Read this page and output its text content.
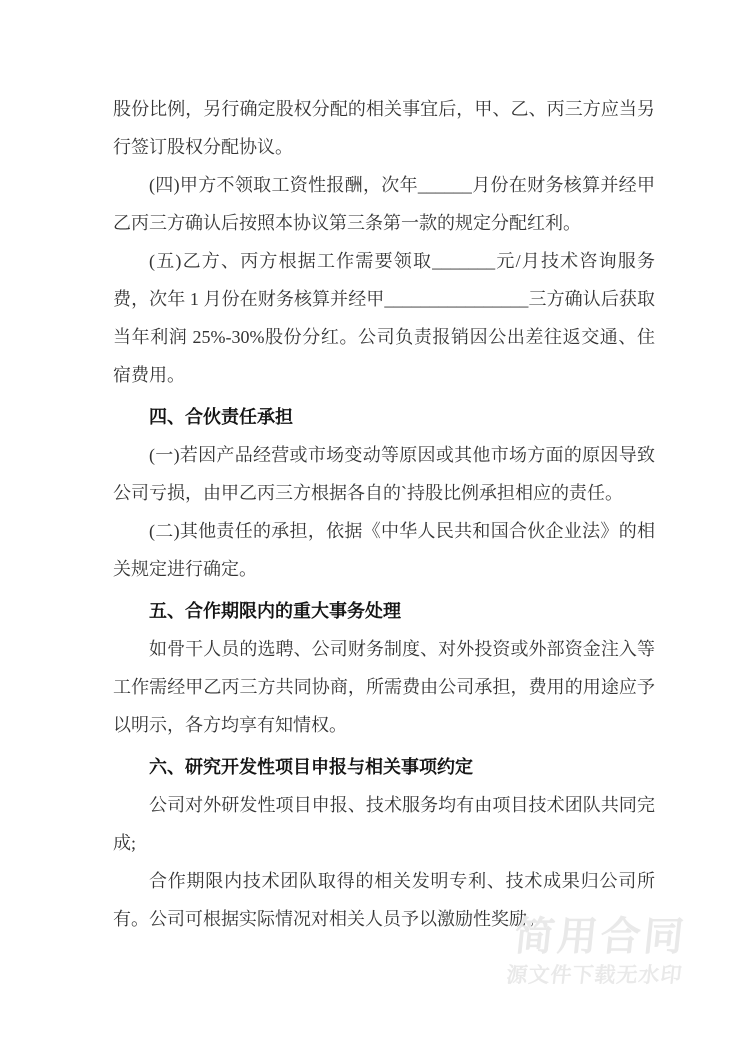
股份比例，另行确定股权分配的相关事宜后，甲、乙、丙三方应当另行签订股权分配协议。

(四)甲方不领取工资性报酬，次年______月份在财务核算并经甲乙丙三方确认后按照本协议第三条第一款的规定分配红利。

(五)乙方、丙方根据工作需要领取_______元/月技术咨询服务费，次年 1 月份在财务核算并经甲________________三方确认后获取当年利润 25%-30%股份分红。公司负责报销因公出差往返交通、住宿费用。

四、合伙责任承担

(一)若因产品经营或市场变动等原因或其他市场方面的原因导致公司亏损，由甲乙丙三方根据各自的`持股比例承担相应的责任。

(二)其他责任的承担，依据《中华人民共和国合伙企业法》的相关规定进行确定。

五、合作期限内的重大事务处理

如骨干人员的选聘、公司财务制度、对外投资或外部资金注入等工作需经甲乙丙三方共同协商，所需费由公司承担，费用的用途应予以明示，各方均享有知情权。

六、研究开发性项目申报与相关事项约定

公司对外研发性项目申报、技术服务均有由项目技术团队共同完成;

合作期限内技术团队取得的相关发明专利、技术成果归公司所有。公司可根据实际情况对相关人员予以激励性奖励。

简用合同
源文件下载无水印
